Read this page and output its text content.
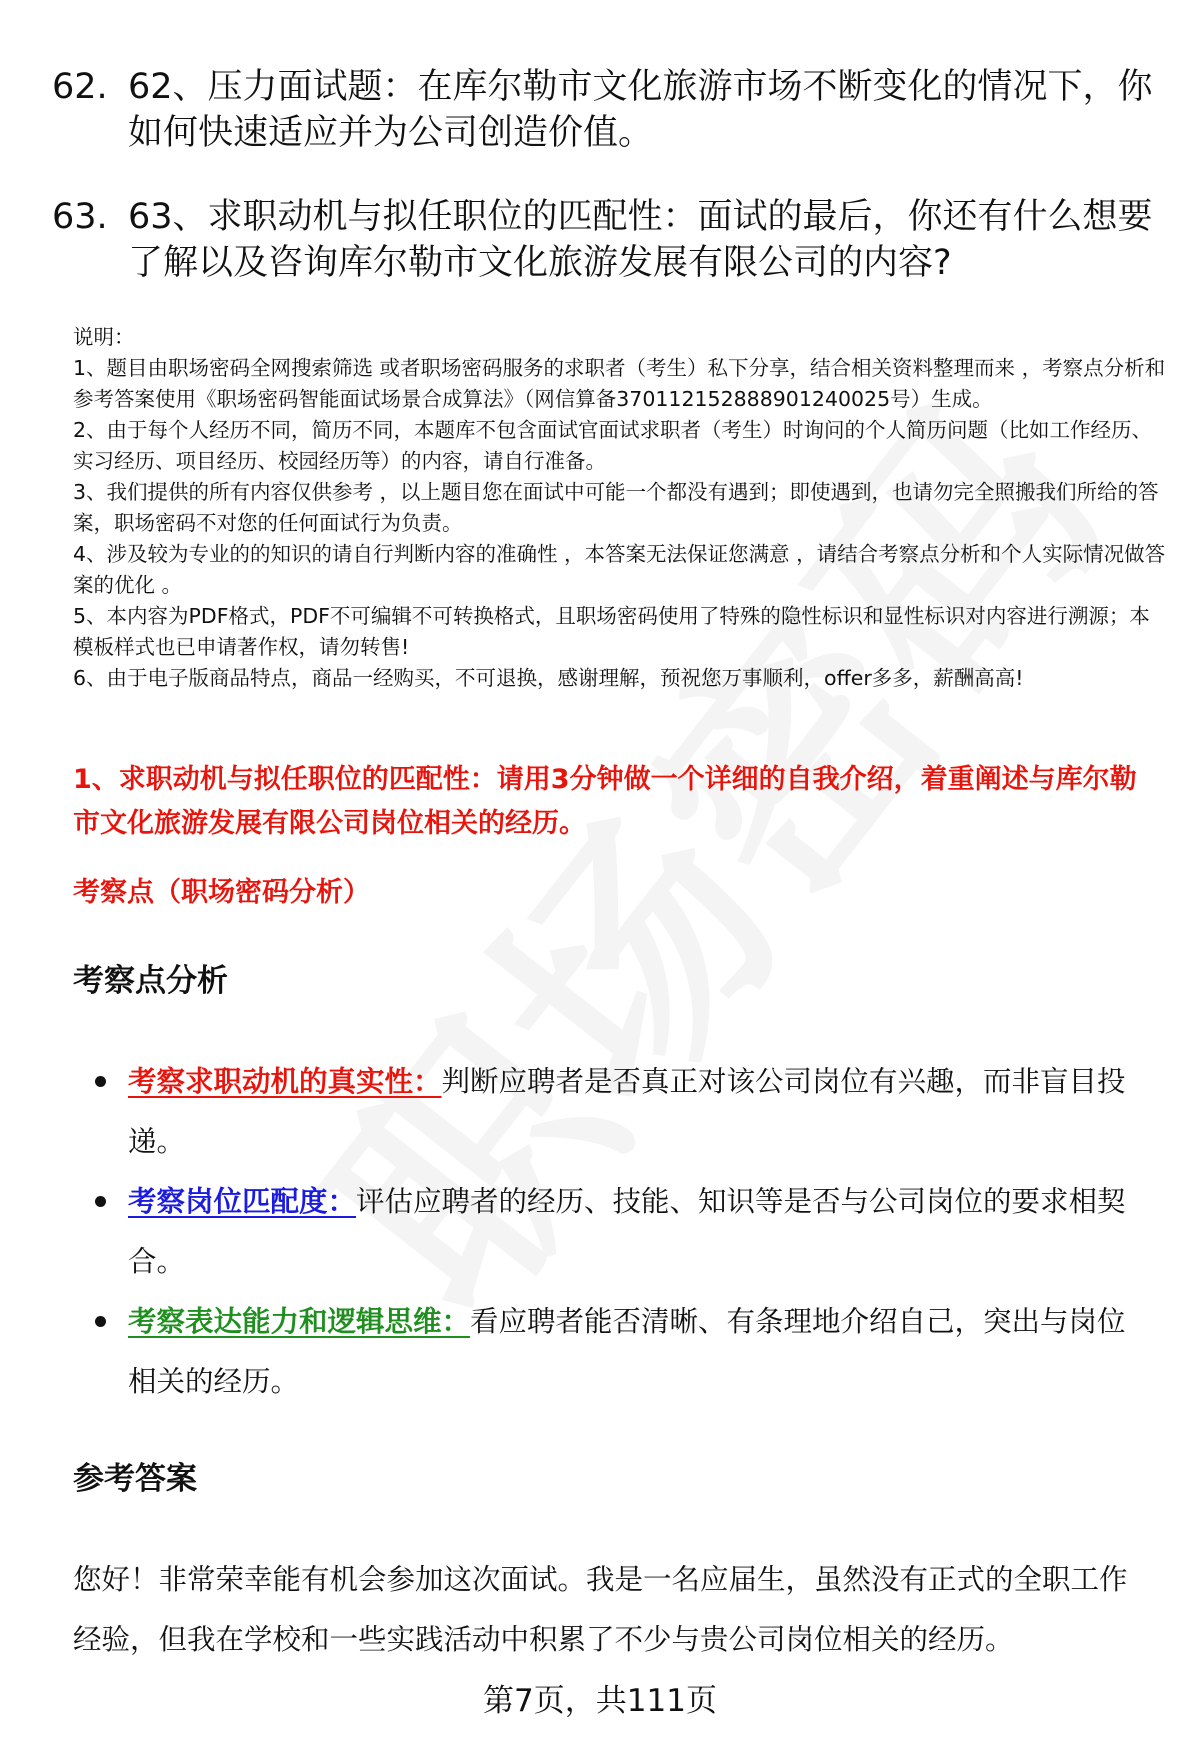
62. 62、压力面试题：在库尔勒市文化旅游市场不断变化的情况下，你如何快速适应并为公司创造价值。
63. 63、求职动机与拟任职位的匹配性：面试的最后，你还有什么想要了解以及咨询库尔勒市文化旅游发展有限公司的内容?
说明：
1、题目由职场密码全网搜索筛选 或者职场密码服务的求职者（考生）私下分享，结合相关资料整理而来 ，考察点分析和参考答案使用《职场密码智能面试场景合成算法》（网信算备370112152888901240025号）生成。
2、由于每个人经历不同，简历不同，本题库不包含面试官面试求职者（考生）时询问的个人简历问题（比如工作经历、实习经历、项目经历、校园经历等）的内容，请自行准备。
3、我们提供的所有内容仅供参考 ，以上题目您在面试中可能一个都没有遇到；即使遇到，也请勿完全照搬我们所给的答案，职场密码不对您的任何面试行为负责。
4、涉及较为专业的的知识的请自行判断内容的准确性 ，本答案无法保证您满意 ，请结合考察点分析和个人实际情况做答案的优化 。
5、本内容为PDF格式，PDF不可编辑不可转换格式，且职场密码使用了特殊的隐性标识和显性标识对内容进行溯源；本模板样式也已申请著作权，请勿转售!
6、由于电子版商品特点，商品一经购买，不可退换，感谢理解，预祝您万事顺利，offer多多，薪酬高高!
1、求职动机与拟任职位的匹配性：请用3分钟做一个详细的自我介绍，着重阐述与库尔勒市文化旅游发展有限公司岗位相关的经历。
考察点（职场密码分析）
考察点分析
考察求职动机的真实性：判断应聘者是否真正对该公司岗位有兴趣，而非盲目投递。
考察岗位匹配度：评估应聘者的经历、技能、知识等是否与公司岗位的要求相契合。
考察表达能力和逻辑思维：看应聘者能否清晰、有条理地介绍自己，突出与岗位相关的经历。
参考答案
您好！非常荣幸能有机会参加这次面试。我是一名应届生，虽然没有正式的全职工作经验，但我在学校和一些实践活动中积累了不少与贵公司岗位相关的经历。
第7页，共111页
